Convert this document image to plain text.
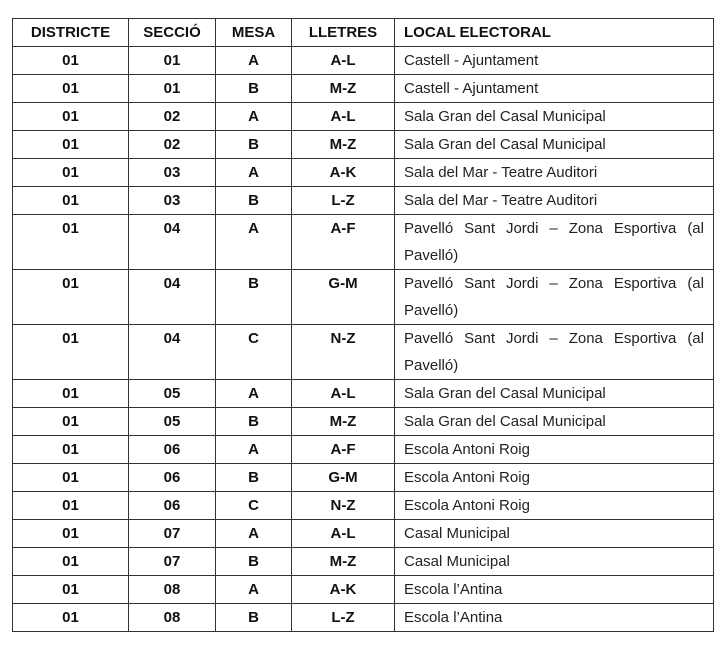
DISTRICTE	SECCIÓ	MESA	LLETRES	LOCAL ELECTORAL
01	01	A	A-L	Castell - Ajuntament
01	01	B	M-Z	Castell - Ajuntament
01	02	A	A-L	Sala Gran del Casal Municipal
01	02	B	M-Z	Sala Gran del Casal Municipal
01	03	A	A-K	Sala del Mar - Teatre Auditori
01	03	B	L-Z	Sala del Mar - Teatre Auditori
01	04	A	A-F	Pavelló Sant Jordi – Zona Esportiva (al Pavelló)
01	04	B	G-M	Pavelló Sant Jordi – Zona Esportiva (al Pavelló)
01	04	C	N-Z	Pavelló Sant Jordi – Zona Esportiva (al Pavelló)
01	05	A	A-L	Sala Gran del Casal Municipal
01	05	B	M-Z	Sala Gran del Casal Municipal
01	06	A	A-F	Escola Antoni Roig
01	06	B	G-M	Escola Antoni Roig
01	06	C	N-Z	Escola Antoni Roig
01	07	A	A-L	Casal Municipal
01	07	B	M-Z	Casal Municipal
01	08	A	A-K	Escola l’Antina
01	08	B	L-Z	Escola l’Antina
